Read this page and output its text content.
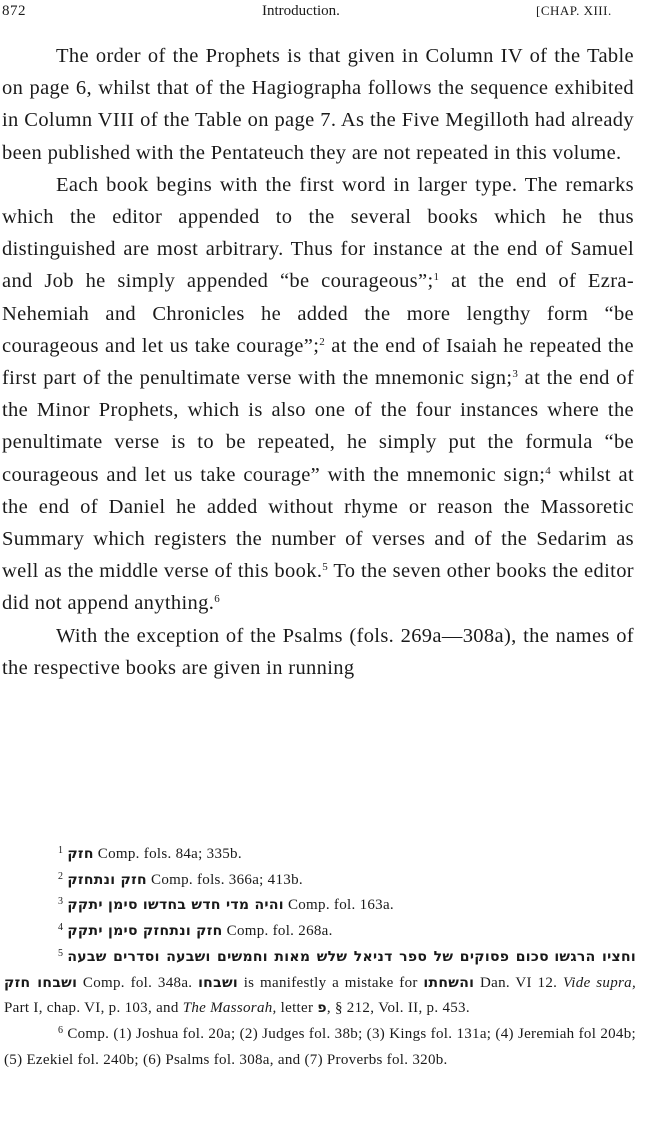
872	Introduction.	[CHAP. XIII.

The order of the Prophets is that given in Column IV of the Table on page 6, whilst that of the Hagiographa follows the sequence exhibited in Column VIII of the Table on page 7. As the Five Megilloth had already been published with the Pentateuch they are not repeated in this volume.

Each book begins with the first word in larger type. The remarks which the editor appended to the several books which he thus distinguished are most arbitrary. Thus for instance at the end of Samuel and Job he simply appended “be courageous”;$^1$ at the end of Ezra-Nehemiah and Chronicles he added the more lengthy form “be courageous and let us take courage”;$^2$ at the end of Isaiah he repeated the first part of the penultimate verse with the mnemonic sign;$^3$ at the end of the Minor Prophets, which is also one of the four instances where the penultimate verse is to be repeated, he simply put the formula “be courageous and let us take courage” with the mnemonic sign;$^4$ whilst at the end of Daniel he added without rhyme or reason the Massoretic Summary which registers the number of verses and of the Sedarim as well as the middle verse of this book.$^5$ To the seven other books the editor did not append anything.$^6$

With the exception of the Psalms (fols. 269a—308a), the names of the respective books are given in running

$^1$ חזק Comp. fols. 84a; 335b.

$^2$ חזק ונתחזק Comp. fols. 366a; 413b.

$^3$ והיה מדי חדש בחדשו סימן יתקק Comp. fol. 163a.

$^4$ חזק ונתחזק סימן יתקק Comp. fol. 268a.

$^5$ סכום פסוקים של ספר דניאל שלש מאות וחמשים ושבעה וסדרים שבעה וחציו הרגשו ושבחו חזק Comp. fol. 348a. ושבחו is manifestly a mistake for והשחתו Dan. VI 12. Vide supra, Part I, chap. VI, p. 103, and The Massorah, letter פ, § 212, Vol. II, p. 453.

$^6$ Comp. (1) Joshua fol. 20a; (2) Judges fol. 38b; (3) Kings fol. 131a; (4) Jeremiah fol 204b; (5) Ezekiel fol. 240b; (6) Psalms fol. 308a, and (7) Proverbs fol. 320b.
